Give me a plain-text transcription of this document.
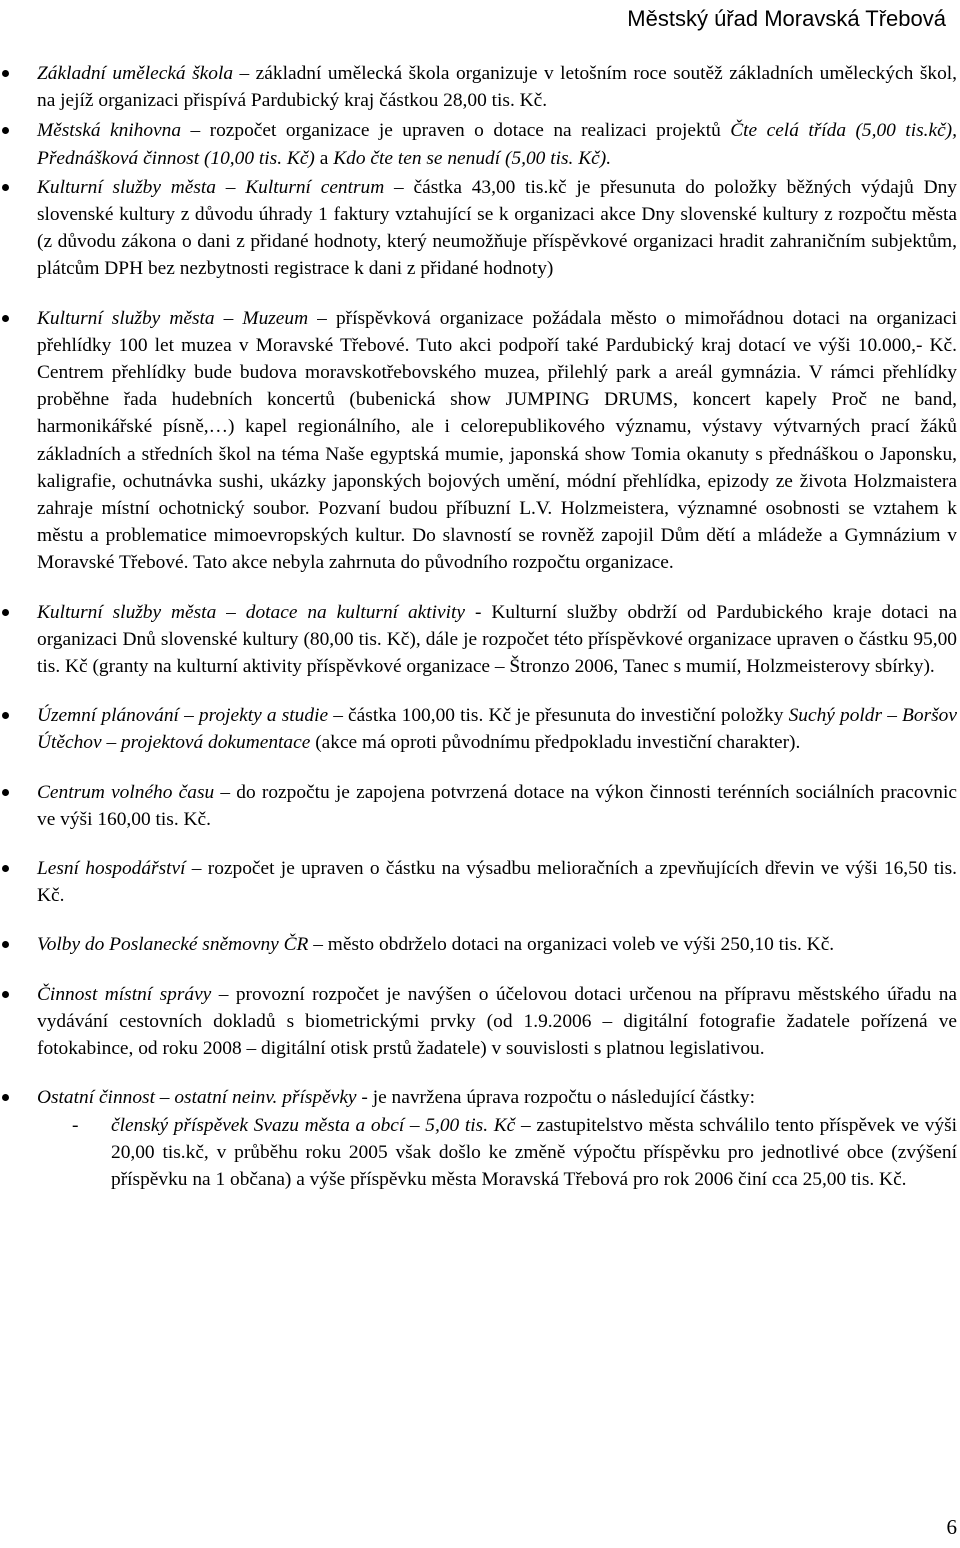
Městský úřad Moravská Třebová
Základní umělecká škola – základní umělecká škola organizuje v letošním roce soutěž základních uměleckých škol, na jejíž organizaci přispívá Pardubický kraj částkou 28,00 tis. Kč.
Městská knihovna – rozpočet organizace je upraven o dotace na realizaci projektů Čte celá třída (5,00 tis.kč), Přednášková činnost (10,00 tis. Kč) a Kdo čte ten se nenudí (5,00 tis. Kč).
Kulturní služby města – Kulturní centrum – částka 43,00 tis.kč je přesunuta do položky běžných výdajů Dny slovenské kultury z důvodu úhrady 1 faktury vztahující se k organizaci akce Dny slovenské kultury z rozpočtu města (z důvodu zákona o dani z přidané hodnoty, který neumožňuje příspěvkové organizaci hradit zahraničním subjektům, plátcům DPH bez nezbytnosti registrace k dani z přidané hodnoty)
Kulturní služby města – Muzeum – příspěvková organizace požádala město o mimořádnou dotaci na organizaci přehlídky 100 let muzea v Moravské Třebové. Tuto akci podpoří také Pardubický kraj dotací ve výši 10.000,- Kč. Centrem přehlídky bude budova moravskotřebovského muzea, přilehlý park a areál gymnázia. V rámci přehlídky proběhne řada hudebních koncertů (bubenická show JUMPING DRUMS, koncert kapely Proč ne band, harmonikářské písně,…) kapel regionálního, ale i celorepublikového významu, výstavy výtvarných prací žáků základních a středních škol na téma Naše egyptská mumie, japonská show Tomia okanuty s přednáškou o Japonsku, kaligrafie, ochutnávka sushi, ukázky japonských bojových umění, módní přehlídka, epizody ze života Holzmaistera zahraje místní ochotnický soubor. Pozvaní budou příbuzní L.V. Holzmeistera, významné osobnosti se vztahem k městu a problematice mimoevropských kultur. Do slavností se rovněž zapojil Dům dětí a mládeže a Gymnázium v Moravské Třebové. Tato akce nebyla zahrnuta do původního rozpočtu organizace.
Kulturní služby města – dotace na kulturní aktivity - Kulturní služby obdrží od Pardubického kraje dotaci na organizaci Dnů slovenské kultury (80,00 tis. Kč), dále je rozpočet této příspěvkové organizace upraven o částku 95,00 tis. Kč (granty na kulturní aktivity příspěvkové organizace – Štronzo 2006, Tanec s mumií, Holzmeisterovy sbírky).
Územní plánování – projekty a studie – částka 100,00 tis. Kč je přesunuta do investiční položky Suchý poldr – Boršov Útěchov – projektová dokumentace (akce má oproti původnímu předpokladu investiční charakter).
Centrum volného času – do rozpočtu je zapojena potvrzená dotace na výkon činnosti terénních sociálních pracovnic ve výši 160,00 tis. Kč.
Lesní hospodářství – rozpočet je upraven o částku na výsadbu melioračních a zpevňujících dřevin ve výši 16,50 tis. Kč.
Volby do Poslanecké sněmovny ČR – město obdrželo dotaci na organizaci voleb ve výši 250,10 tis. Kč.
Činnost místní správy – provozní rozpočet je navýšen o účelovou dotaci určenou na přípravu městského úřadu na vydávání cestovních dokladů s biometrickými prvky (od 1.9.2006 – digitální fotografie žadatele pořízená ve fotokabince, od roku 2008 – digitální otisk prstů žadatele) v souvislosti s platnou legislativou.
Ostatní činnost – ostatní neinv. příspěvky - je navržena úprava rozpočtu o následující částky:
- členský příspěvek Svazu města a obcí – 5,00 tis. Kč – zastupitelstvo města schválilo tento příspěvek ve výši 20,00 tis.kč, v průběhu roku 2005 však došlo ke změně výpočtu příspěvku pro jednotlivé obce (zvýšení příspěvku na 1 občana) a výše příspěvku města Moravská Třebová pro rok 2006 činí cca 25,00 tis. Kč.
6
